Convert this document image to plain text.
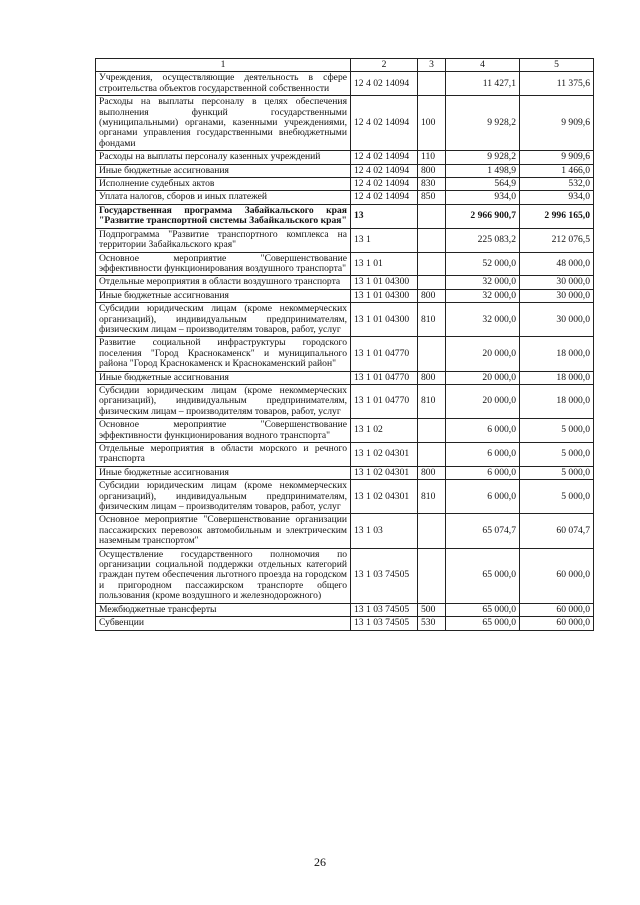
1	2	3	4	5
Учреждения, осуществляющие деятельность в сфере строительства объектов государственной собственности	12 4 02 14094		11 427,1	11 375,6
Расходы на выплаты персоналу в целях обеспечения выполнения функций государственными (муниципальными) органами, казенными учреждениями, органами управления государственными внебюджетными фондами	12 4 02 14094	100	9 928,2	9 909,6
Расходы на выплаты персоналу казенных учреждений	12 4 02 14094	110	9 928,2	9 909,6
Иные бюджетные ассигнования	12 4 02 14094	800	1 498,9	1 466,0
Исполнение судебных актов	12 4 02 14094	830	564,9	532,0
Уплата налогов, сборов и иных платежей	12 4 02 14094	850	934,0	934,0
Государственная программа Забайкальского края "Развитие транспортной системы Забайкальского края"	13		2 966 900,7	2 996 165,0
Подпрограмма "Развитие транспортного комплекса на территории Забайкальского края"	13 1		225 083,2	212 076,5
Основное мероприятие "Совершенствование эффективности функционирования воздушного транспорта"	13 1 01		52 000,0	48 000,0
Отдельные мероприятия в области воздушного транспорта	13 1 01 04300		32 000,0	30 000,0
Иные бюджетные ассигнования	13 1 01 04300	800	32 000,0	30 000,0
Субсидии юридическим лицам (кроме некоммерческих организаций), индивидуальным предпринимателям, физическим лицам – производителям товаров, работ, услуг	13 1 01 04300	810	32 000,0	30 000,0
Развитие социальной инфраструктуры городского поселения "Город Краснокаменск" и муниципального района "Город Краснокаменск и Краснокаменский район"	13 1 01 04770		20 000,0	18 000,0
Иные бюджетные ассигнования	13 1 01 04770	800	20 000,0	18 000,0
Субсидии юридическим лицам (кроме некоммерческих организаций), индивидуальным предпринимателям, физическим лицам – производителям товаров, работ, услуг	13 1 01 04770	810	20 000,0	18 000,0
Основное мероприятие "Совершенствование эффективности функционирования водного транспорта"	13 1 02		6 000,0	5 000,0
Отдельные мероприятия в области морского и речного транспорта	13 1 02 04301		6 000,0	5 000,0
Иные бюджетные ассигнования	13 1 02 04301	800	6 000,0	5 000,0
Субсидии юридическим лицам (кроме некоммерческих организаций), индивидуальным предпринимателям, физическим лицам – производителям товаров, работ, услуг	13 1 02 04301	810	6 000,0	5 000,0
Основное мероприятие "Совершенствование организации пассажирских перевозок автомобильным и электрическим наземным транспортом"	13 1 03		65 074,7	60 074,7
Осуществление государственного полномочия по организации социальной поддержки отдельных категорий граждан путем обеспечения льготного проезда на городском и пригородном пассажирском транспорте общего пользования (кроме воздушного и железнодорожного)	13 1 03 74505		65 000,0	60 000,0
Межбюджетные трансферты	13 1 03 74505	500	65 000,0	60 000,0
Субвенции	13 1 03 74505	530	65 000,0	60 000,0
26
